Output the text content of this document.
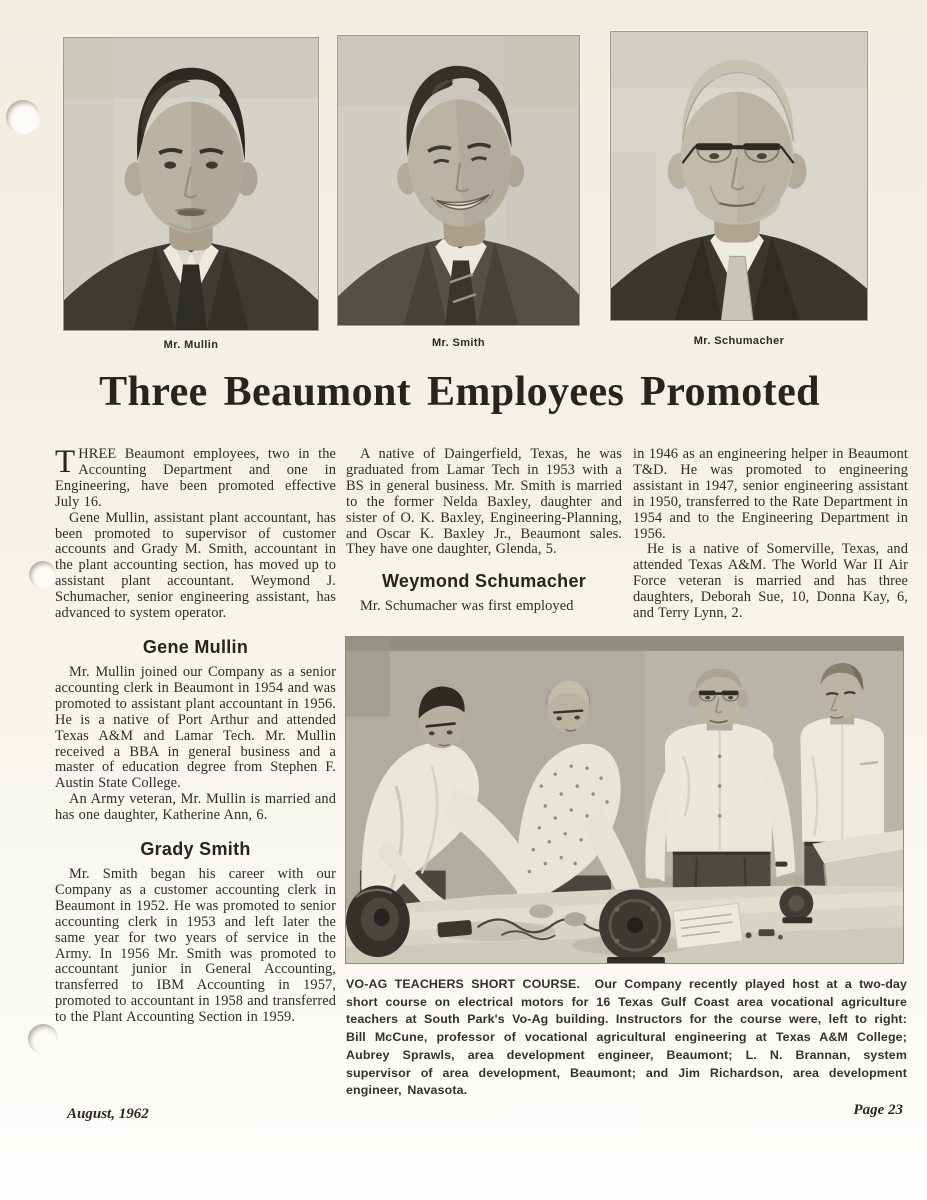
Mr. Mullin	Mr. Smith	Mr. Schumacher
Three Beaumont Employees Promoted

THREE Beaumont employees, two in the Accounting Department and one in Engineering, have been promoted effective July 16.

Gene Mullin, assistant plant accountant, has been promoted to supervisor of customer accounts and Grady M. Smith, accountant in the plant accounting section, has moved up to assistant plant accountant. Weymond J. Schumacher, senior engineering assistant, has advanced to system operator.

Gene Mullin

Mr. Mullin joined our Company as a senior accounting clerk in Beaumont in 1954 and was promoted to assistant plant accountant in 1956. He is a native of Port Arthur and attended Texas A&M and Lamar Tech. Mr. Mullin received a BBA in general business and a master of education degree from Stephen F. Austin State College.

An Army veteran, Mr. Mullin is married and has one daughter, Katherine Ann, 6.

Grady Smith

Mr. Smith began his career with our Company as a customer accounting clerk in Beaumont in 1952. He was promoted to senior accounting clerk in 1953 and left later the same year for two years of service in the Army. In 1956 Mr. Smith was promoted to accountant junior in General Accounting, transferred to IBM Accounting in 1957, promoted to accountant in 1958 and transferred to the Plant Accounting Section in 1959.

A native of Daingerfield, Texas, he was graduated from Lamar Tech in 1953 with a BS in general business. Mr. Smith is married to the former Nelda Baxley, daughter and sister of O. K. Baxley, Engineering-Planning, and Oscar K. Baxley Jr., Beaumont sales. They have one daughter, Glenda, 5.

Weymond Schumacher

Mr. Schumacher was first employed

in 1946 as an engineering helper in Beaumont T&D. He was promoted to engineering assistant in 1947, senior engineering assistant in 1950, transferred to the Rate Department in 1954 and to the Engineering Department in 1956.

He is a native of Somerville, Texas, and attended Texas A&M. The World War II Air Force veteran is married and has three daughters, Deborah Sue, 10, Donna Kay, 6, and Terry Lynn, 2.

VO-AG TEACHERS SHORT COURSE. Our Company recently played host at a two-day short course on electrical motors for 16 Texas Gulf Coast area vocational agriculture teachers at South Park's Vo-Ag building. Instructors for the course were, left to right: Bill McCune, professor of vocational agricultural engineering at Texas A&M College; Aubrey Sprawls, area development engineer, Beaumont; L. N. Brannan, system supervisor of area development, Beaumont; and Jim Richardson, area development engineer, Navasota.

August, 1962	Page 23
